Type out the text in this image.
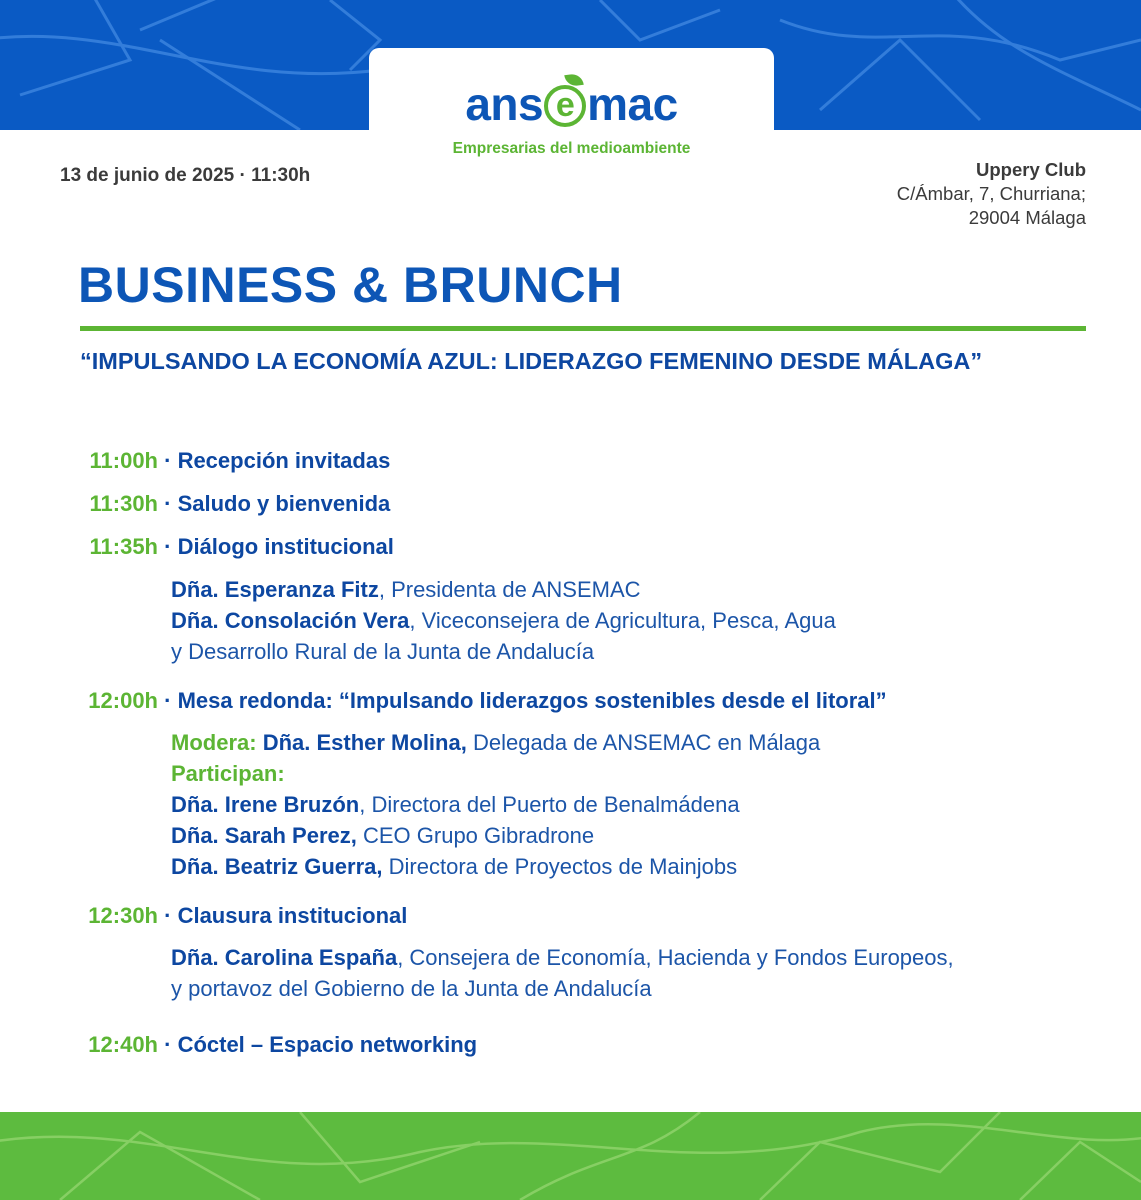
ans e mac
Empresarias del medioambiente
13 de junio de 2025 · 11:30h	Uppery Club
C/Ámbar, 7, Churriana;
29004 Málaga
BUSINESS & BRUNCH
“IMPULSANDO LA ECONOMÍA AZUL: LIDERAZGO FEMENINO DESDE MÁLAGA”
11:00h · Recepción invitadas
11:30h · Saludo y bienvenida
11:35h · Diálogo institucional
Dña. Esperanza Fitz, Presidenta de ANSEMAC
Dña. Consolación Vera, Viceconsejera de Agricultura, Pesca, Agua
y Desarrollo Rural de la Junta de Andalucía
12:00h · Mesa redonda: “Impulsando liderazgos sostenibles desde el litoral”
Modera: Dña. Esther Molina, Delegada de ANSEMAC en Málaga
Participan:
Dña. Irene Bruzón, Directora del Puerto de Benalmádena
Dña. Sarah Perez, CEO Grupo Gibradrone
Dña. Beatriz Guerra, Directora de Proyectos de Mainjobs
12:30h · Clausura institucional
Dña. Carolina España, Consejera de Economía, Hacienda y Fondos Europeos,
y portavoz del Gobierno de la Junta de Andalucía
12:40h · Cóctel – Espacio networking
